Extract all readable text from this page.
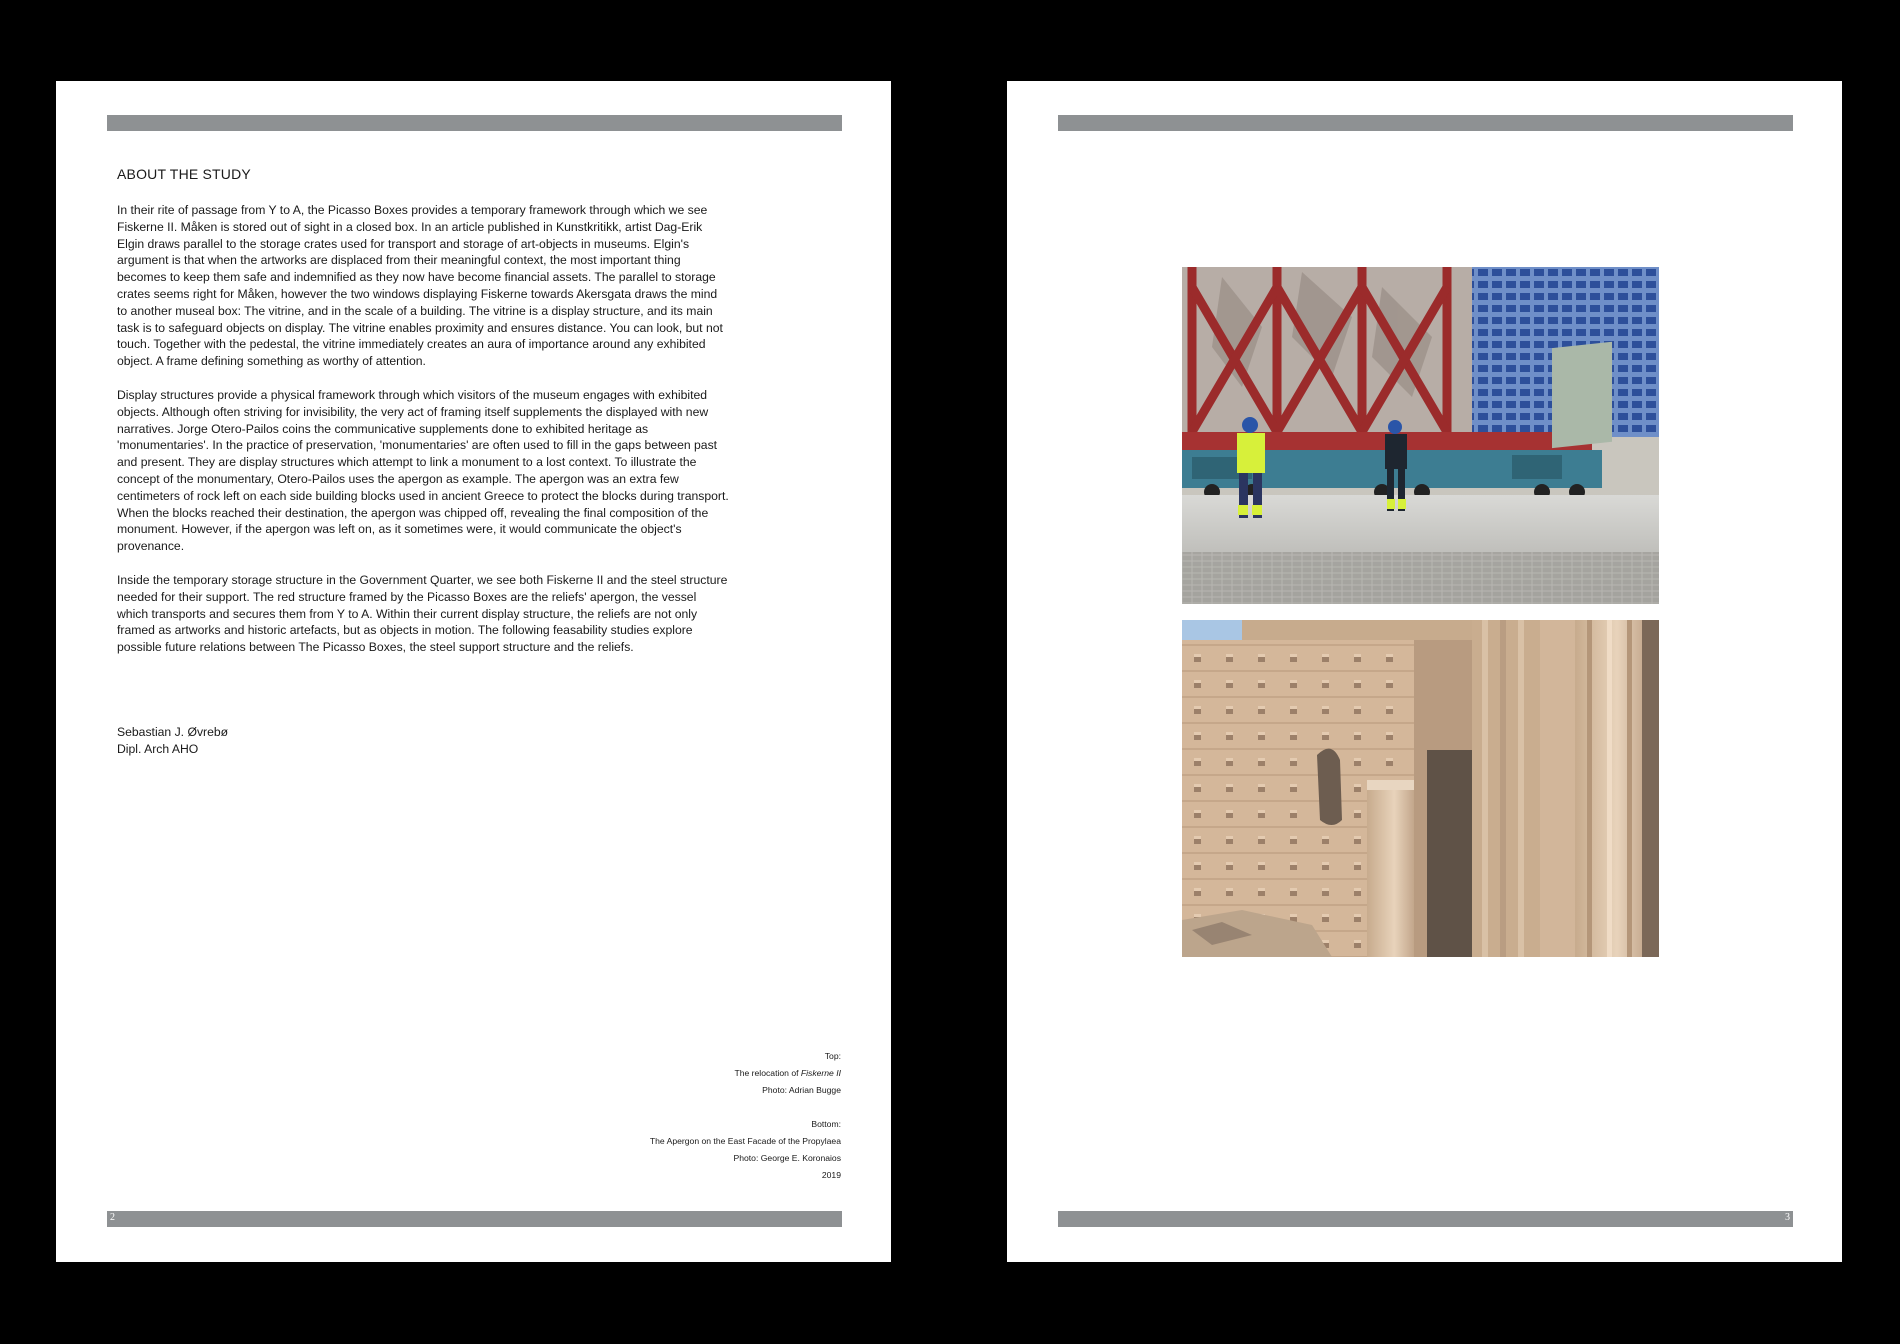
ABOUT THE STUDY

In their rite of passage from Y to A, the Picasso Boxes provides a temporary framework through which we see Fiskerne II. Måken is stored out of sight in a closed box. In an article published in Kunstkritikk, artist Dag-Erik Elgin draws parallel to the storage crates used for transport and storage of art-objects in museums. Elgin's argument is that when the artworks are displaced from their meaningful context, the most important thing becomes to keep them safe and indemnified as they now have become financial assets. The parallel to storage crates seems right for Måken, however the two windows displaying Fiskerne towards Akersgata draws the mind to another museal box: The vitrine, and in the scale of a building. The vitrine is a display structure, and its main task is to safeguard objects on display. The vitrine enables proximity and ensures distance. You can look, but not touch. Together with the pedestal, the vitrine immediately creates an aura of importance around any exhibited object. A frame defining something as worthy of attention.

Display structures provide a physical framework through which visitors of the museum engages with exhibited objects. Although often striving for invisibility, the very act of framing itself supplements the displayed with new narratives. Jorge Otero-Pailos coins the communicative supplements done to exhibited heritage as 'monumentaries'. In the practice of preservation, 'monumentaries' are often used to fill in the gaps between past and present. They are display structures which attempt to link a monument to a lost context. To illustrate the concept of the monumentary, Otero-Pailos uses the apergon as example. The apergon was an extra few centimeters of rock left on each side building blocks used in ancient Greece to protect the blocks during transport. When the blocks reached their destination, the apergon was chipped off, revealing the final composition of the monument. However, if the apergon was left on, as it sometimes were, it would communicate the object's provenance.

Inside the temporary storage structure in the Government Quarter, we see both Fiskerne II and the steel structure needed for their support. The red structure framed by the Picasso Boxes are the reliefs' apergon, the vessel which transports and secures them from Y to A. Within their current display structure, the reliefs are not only framed as artworks and historic artefacts, but as objects in motion. The following feasability studies explore possible future relations between The Picasso Boxes, the steel support structure and the reliefs.

Sebastian J. Øvrebø
Dipl. Arch AHO
Top:
The relocation of Fiskerne II
Photo: Adrian Bugge
Bottom:
The Apergon on the East Facade of the Propylaea
Photo: George E. Koronaios
2019
2	3
